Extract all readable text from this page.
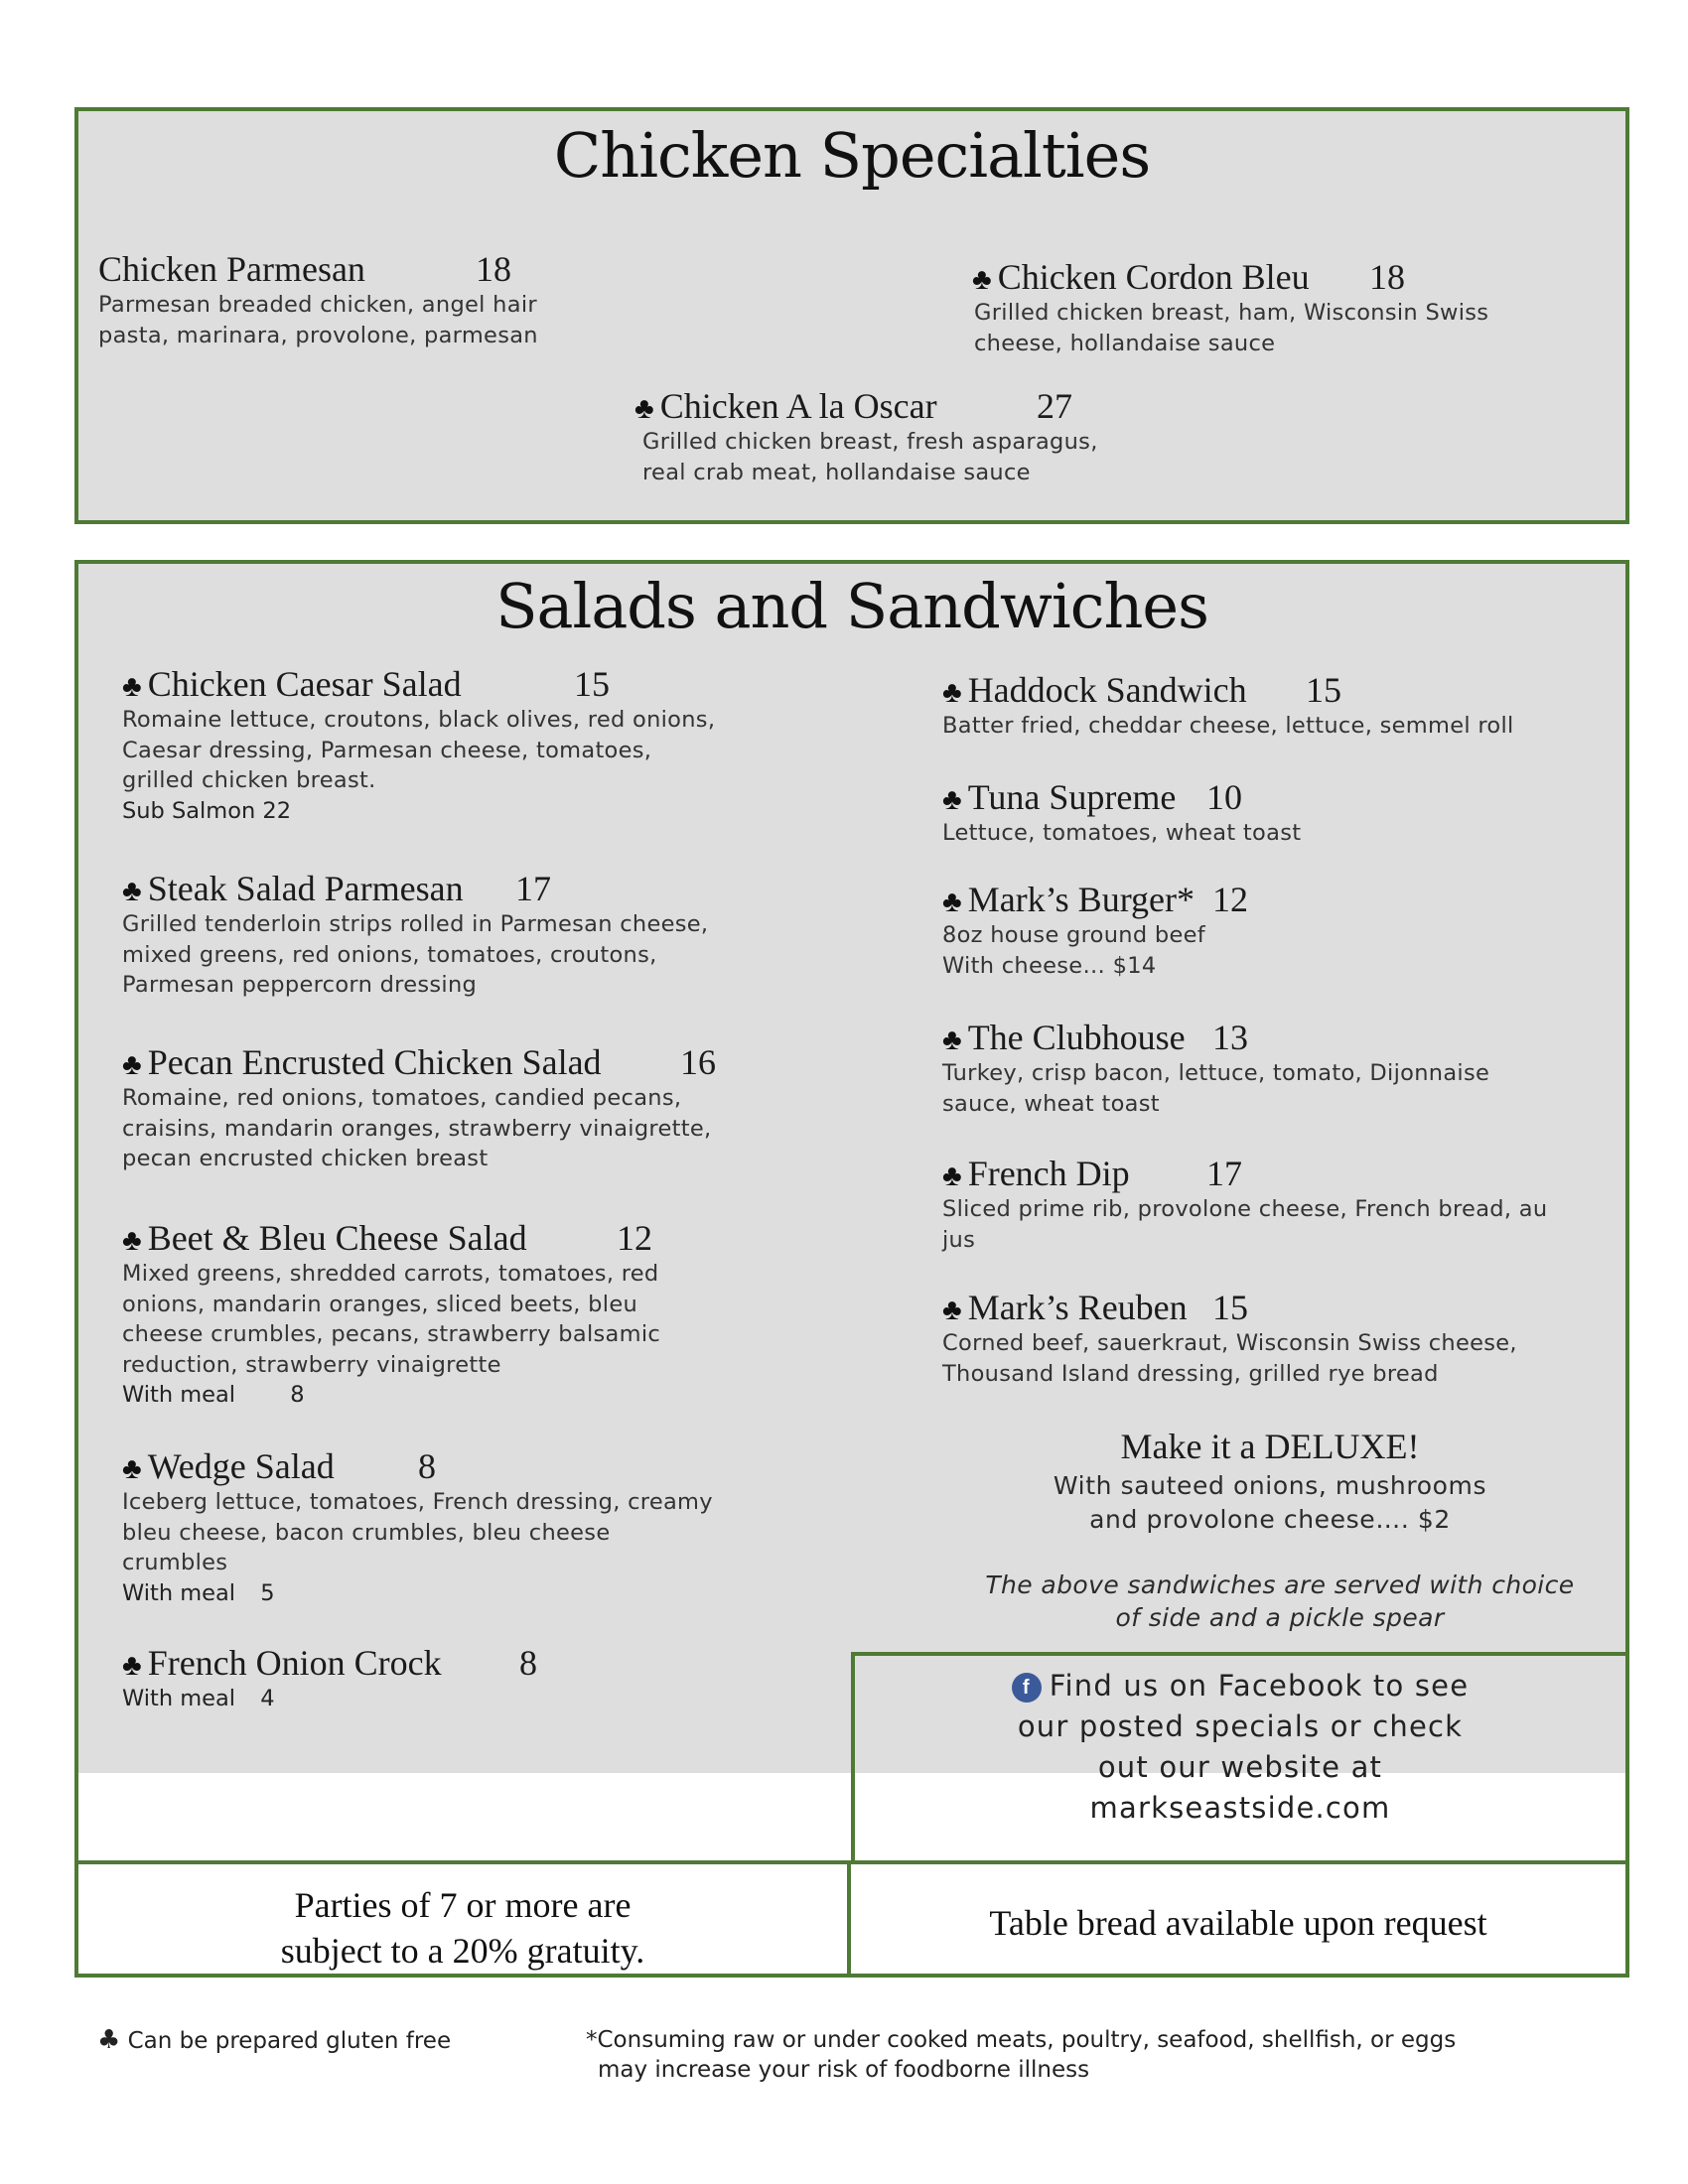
Chicken Specialties
Chicken Parmesan	18
Parmesan breaded chicken, angel hair
pasta, marinara, provolone, parmesan
♣ Chicken Cordon Bleu 18
Grilled chicken breast, ham, Wisconsin Swiss
cheese, hollandaise sauce
♣ Chicken A la Oscar	27
Grilled chicken breast, fresh asparagus,
real crab meat, hollandaise sauce
Salads and Sandwiches
♣ Chicken Caesar Salad	15
Romaine lettuce, croutons, black olives, red onions,
Caesar dressing, Parmesan cheese, tomatoes,
grilled chicken breast.
Sub Salmon 22
♣ Steak Salad Parmesan 17
Grilled tenderloin strips rolled in Parmesan cheese,
mixed greens, red onions, tomatoes, croutons,
Parmesan peppercorn dressing
♣ Pecan Encrusted Chicken Salad 16
Romaine, red onions, tomatoes, candied pecans,
craisins, mandarin oranges, strawberry vinaigrette,
pecan encrusted chicken breast
♣ Beet & Bleu Cheese Salad	12
Mixed greens, shredded carrots, tomatoes, red
onions, mandarin oranges, sliced beets, bleu
cheese crumbles, pecans, strawberry balsamic
reduction, strawberry vinaigrette
With meal 8
♣ Wedge Salad 8
Iceberg lettuce, tomatoes, French dressing, creamy
bleu cheese, bacon crumbles, bleu cheese
crumbles
With meal 5
♣ French Onion Crock 8
With meal 4
♣ Haddock Sandwich 15
Batter fried, cheddar cheese, lettuce, semmel roll
♣ Tuna Supreme 10
Lettuce, tomatoes, wheat toast
♣ Mark’s Burger* 12
8oz house ground beef
With cheese… $14
♣ The Clubhouse 13
Turkey, crisp bacon, lettuce, tomato, Dijonnaise
sauce, wheat toast
♣ French Dip 17
Sliced prime rib, provolone cheese, French bread, au
jus
♣ Mark’s Reuben 15
Corned beef, sauerkraut, Wisconsin Swiss cheese,
Thousand Island dressing, grilled rye bread
Make it a DELUXE!
With sauteed onions, mushrooms
and provolone cheese…. $2
The above sandwiches are served with choice
of side and a pickle spear
f Find us on Facebook to see
our posted specials or check
out our website at
markseastside.com
Parties of 7 or more are
subject to a 20% gratuity.
Table bread available upon request
♣ Can be prepared gluten free	*Consuming raw or under cooked meats, poultry, seafood, shellfish, or eggs
may increase your risk of foodborne illness
